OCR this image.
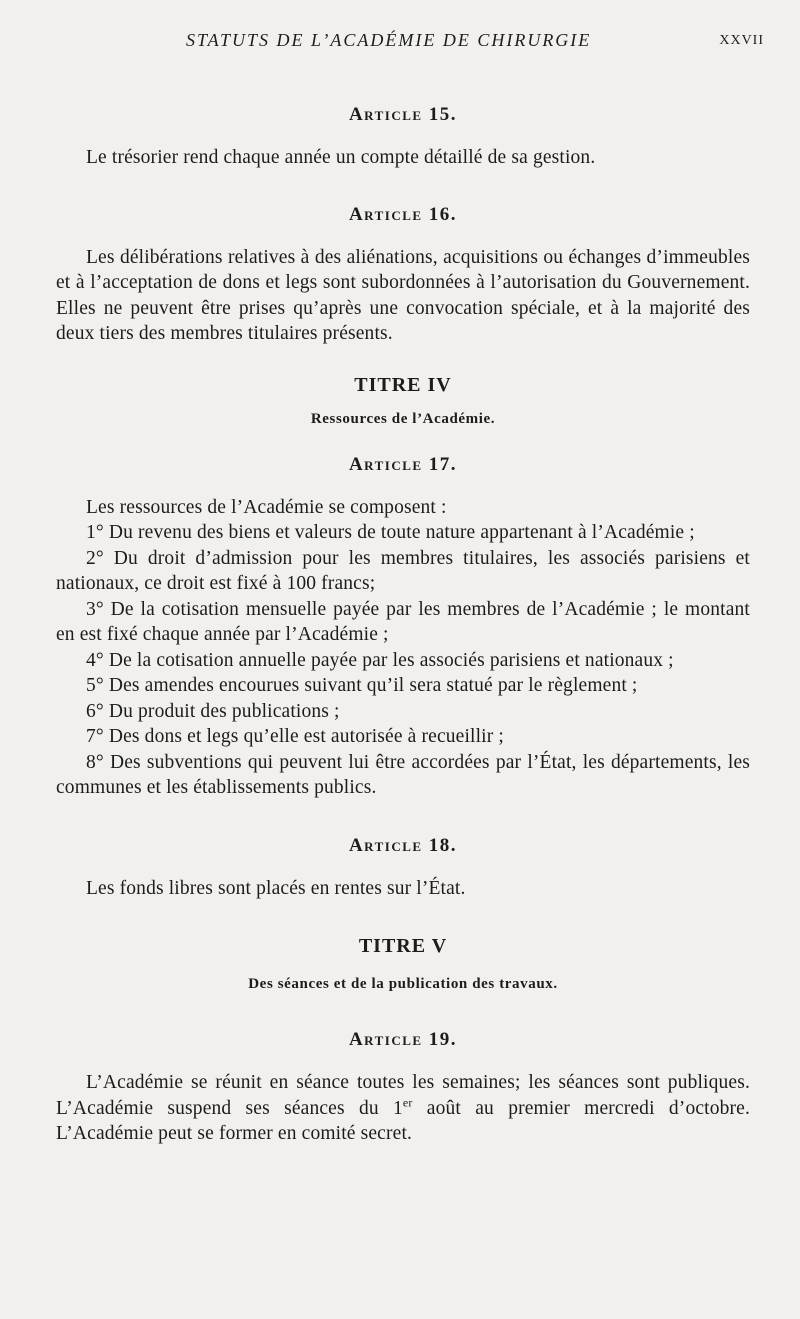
STATUTS DE L’ACADÉMIE DE CHIRURGIE	XXVII
Article 15.

Le trésorier rend chaque année un compte détaillé de sa gestion.

Article 16.

Les délibérations relatives à des aliénations, acquisitions ou échanges d’immeubles et à l’acceptation de dons et legs sont subordonnées à l’autorisation du Gouvernement. Elles ne peuvent être prises qu’après une convocation spéciale, et à la majorité des deux tiers des membres titulaires présents.

TITRE IV
Ressources de l’Académie.
Article 17.

Les ressources de l’Académie se composent :

1° Du revenu des biens et valeurs de toute nature appartenant à l’Académie ;

2° Du droit d’admission pour les membres titulaires, les associés parisiens et nationaux, ce droit est fixé à 100 francs;

3° De la cotisation mensuelle payée par les membres de l’Académie ; le montant en est fixé chaque année par l’Académie ;

4° De la cotisation annuelle payée par les associés parisiens et nationaux ;

5° Des amendes encourues suivant qu’il sera statué par le règlement ;

6° Du produit des publications ;

7° Des dons et legs qu’elle est autorisée à recueillir ;

8° Des subventions qui peuvent lui être accordées par l’État, les départements, les communes et les établissements publics.

Article 18.

Les fonds libres sont placés en rentes sur l’État.

TITRE V
Des séances et de la publication des travaux.
Article 19.

L’Académie se réunit en séance toutes les semaines; les séances sont publiques. L’Académie suspend ses séances du 1er août au premier mercredi d’octobre. L’Académie peut se former en comité secret.
